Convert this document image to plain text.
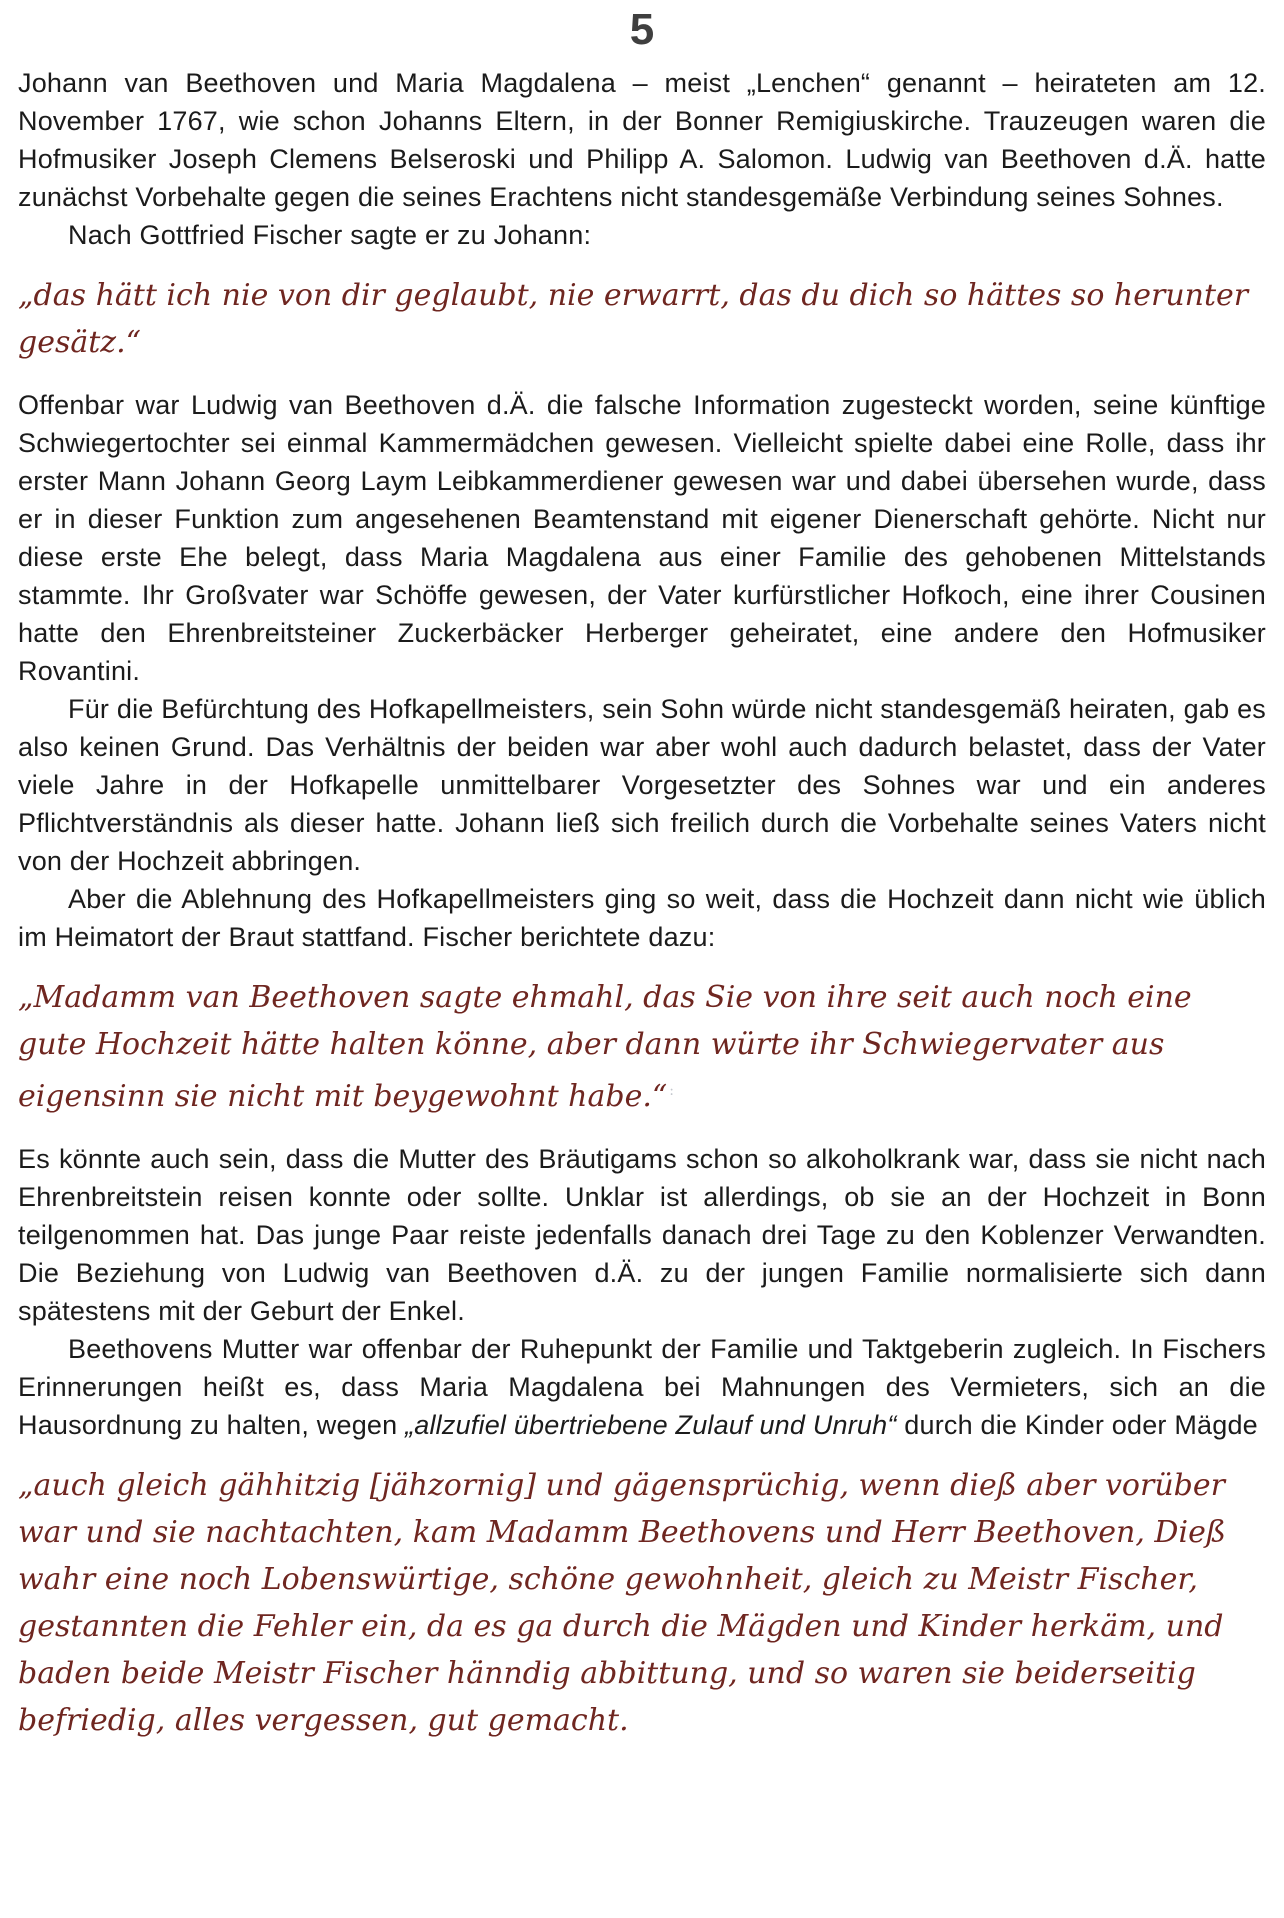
5

Johann van Beethoven und Maria Magdalena – meist „Lenchen“ genannt – heirateten am 12. November 1767, wie schon Johanns Eltern, in der Bonner Remigiuskirche. Trauzeugen waren die Hofmusiker Joseph Clemens Belseroski und Philipp A. Salomon. Ludwig van Beethoven d.Ä. hatte zunächst Vorbehalte gegen die seines Erachtens nicht standesgemäße Verbindung seines Sohnes.

Nach Gottfried Fischer sagte er zu Johann:

„das hätt ich nie von dir geglaubt, nie erwarrt, das du dich so hättes so herunter gesätz.“

Offenbar war Ludwig van Beethoven d.Ä. die falsche Information zugesteckt worden, seine künftige Schwiegertochter sei einmal Kammermädchen gewesen. Vielleicht spielte dabei eine Rolle, dass ihr erster Mann Johann Georg Laym Leibkammerdiener gewesen war und dabei übersehen wurde, dass er in dieser Funktion zum angesehenen Beamtenstand mit eigener Dienerschaft gehörte. Nicht nur diese erste Ehe belegt, dass Maria Magdalena aus einer Familie des gehobenen Mittelstands stammte. Ihr Großvater war Schöffe gewesen, der Vater kurfürstlicher Hofkoch, eine ihrer Cousinen hatte den Ehrenbreitsteiner Zuckerbäcker Herberger geheiratet, eine andere den Hofmusiker Rovantini.

Für die Befürchtung des Hofkapellmeisters, sein Sohn würde nicht standesgemäß heiraten, gab es also keinen Grund. Das Verhältnis der beiden war aber wohl auch dadurch belastet, dass der Vater viele Jahre in der Hofkapelle unmittelbarer Vorgesetzter des Sohnes war und ein anderes Pflichtverständnis als dieser hatte. Johann ließ sich freilich durch die Vorbehalte seines Vaters nicht von der Hochzeit abbringen.

Aber die Ablehnung des Hofkapellmeisters ging so weit, dass die Hochzeit dann nicht wie üblich im Heimatort der Braut stattfand. Fischer berichtete dazu:

„Madamm van Beethoven sagte ehmahl, das Sie von ihre seit auch noch eine gute Hochzeit hätte halten könne, aber dann würte ihr Schwiegervater aus eigensinn sie nicht mit beygewohnt habe.“ :

Es könnte auch sein, dass die Mutter des Bräutigams schon so alkoholkrank war, dass sie nicht nach Ehrenbreitstein reisen konnte oder sollte. Unklar ist allerdings, ob sie an der Hochzeit in Bonn teilgenommen hat. Das junge Paar reiste jedenfalls danach drei Tage zu den Koblenzer Verwandten. Die Beziehung von Ludwig van Beethoven d.Ä. zu der jungen Familie normalisierte sich dann spätestens mit der Geburt der Enkel.

Beethovens Mutter war offenbar der Ruhepunkt der Familie und Taktgeberin zugleich. In Fischers Erinnerungen heißt es, dass Maria Magdalena bei Mahnungen des Vermieters, sich an die Hausordnung zu halten, wegen „allzufiel übertriebene Zulauf und Unruh“ durch die Kinder oder Mägde

„auch gleich gähhitzig [jähzornig] und gägensprüchig, wenn dieß aber vorüber war und sie nachtachten, kam Madamm Beethovens und Herr Beethoven, Dieß wahr eine noch Lobenswürtige, schöne gewohnheit, gleich zu Meistr Fischer, gestannten die Fehler ein, da es ga durch die Mägden und Kinder herkäm, und baden beide Meistr Fischer hänndig abbittung, und so waren sie beiderseitig befriedig, alles vergessen, gut gemacht.
